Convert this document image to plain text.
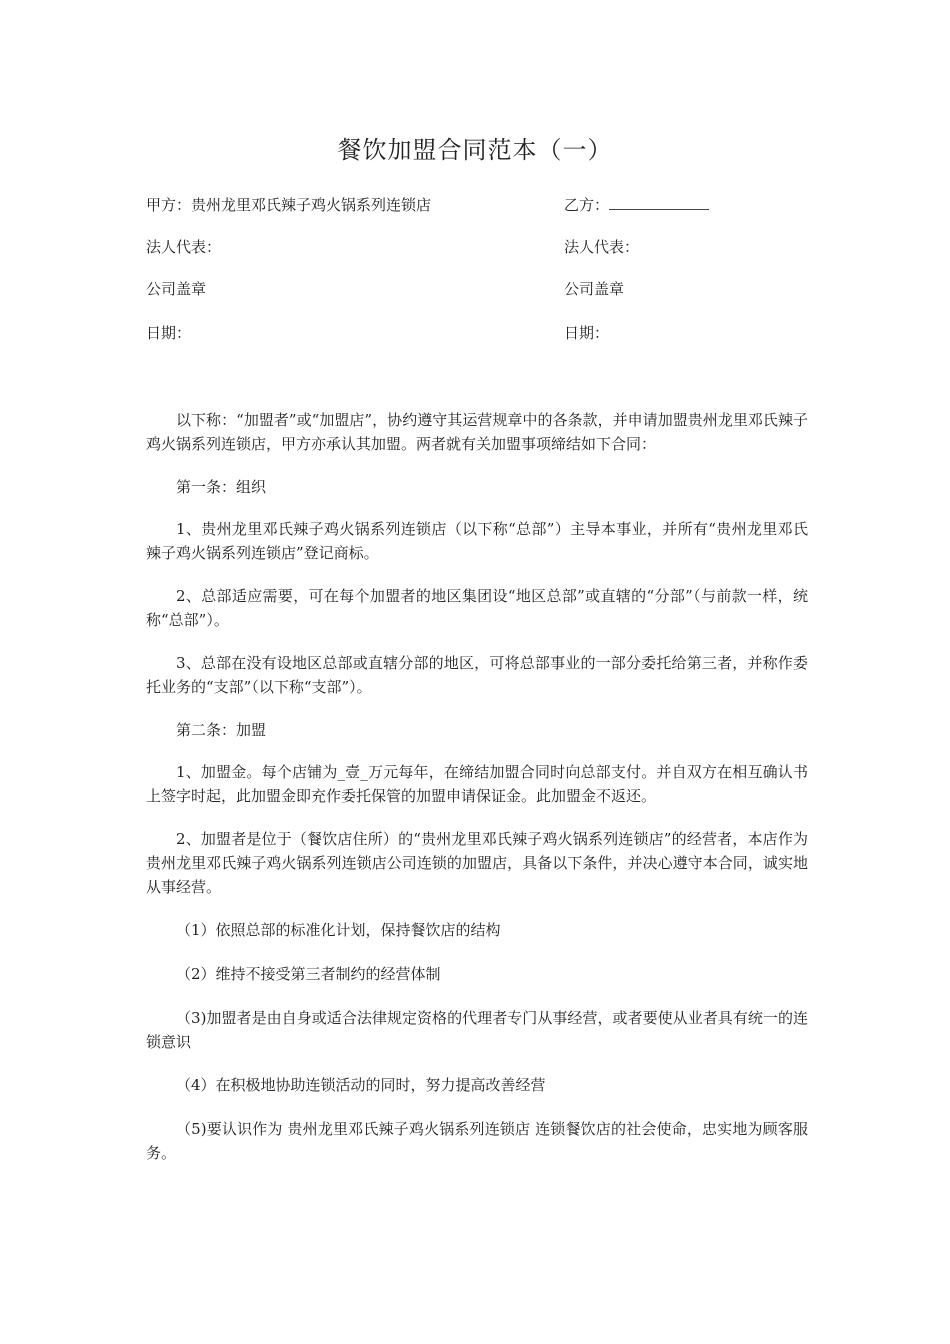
餐饮加盟合同范本（一）
甲方：贵州龙里邓氏辣子鸡火锅系列连锁店	乙方：
法人代表：	法人代表：
公司盖章	公司盖章
日期：	日期：

以下称：“加盟者”或“加盟店”，协约遵守其运营规章中的各条款，并申请加盟贵州龙里邓氏辣子鸡火锅系列连锁店，甲方亦承认其加盟。两者就有关加盟事项缔结如下合同：

第一条：组织

1、贵州龙里邓氏辣子鸡火锅系列连锁店（以下称“总部”）主导本事业，并所有“贵州龙里邓氏辣子鸡火锅系列连锁店”登记商标。

2、总部适应需要，可在每个加盟者的地区集团设“地区总部”或直辖的“分部”（与前款一样，统称“总部”）。

3、总部在没有设地区总部或直辖分部的地区，可将总部事业的一部分委托给第三者，并称作委托业务的“支部”（以下称“支部”）。

第二条：加盟

1、加盟金。每个店铺为_壹_万元每年，在缔结加盟合同时向总部支付。并自双方在相互确认书上签字时起，此加盟金即充作委托保管的加盟申请保证金。此加盟金不返还。

2、加盟者是位于（餐饮店住所）的“贵州龙里邓氏辣子鸡火锅系列连锁店”的经营者，本店作为贵州龙里邓氏辣子鸡火锅系列连锁店公司连锁的加盟店，具备以下条件，并决心遵守本合同，诚实地从事经营。

（1）依照总部的标准化计划，保持餐饮店的结构

（2）维持不接受第三者制约的经营体制

（3)加盟者是由自身或适合法律规定资格的代理者专门从事经营，或者要使从业者具有统一的连锁意识

（4）在积极地协助连锁活动的同时，努力提高改善经营

（5)要认识作为 贵州龙里邓氏辣子鸡火锅系列连锁店 连锁餐饮店的社会使命，忠实地为顾客服务。
